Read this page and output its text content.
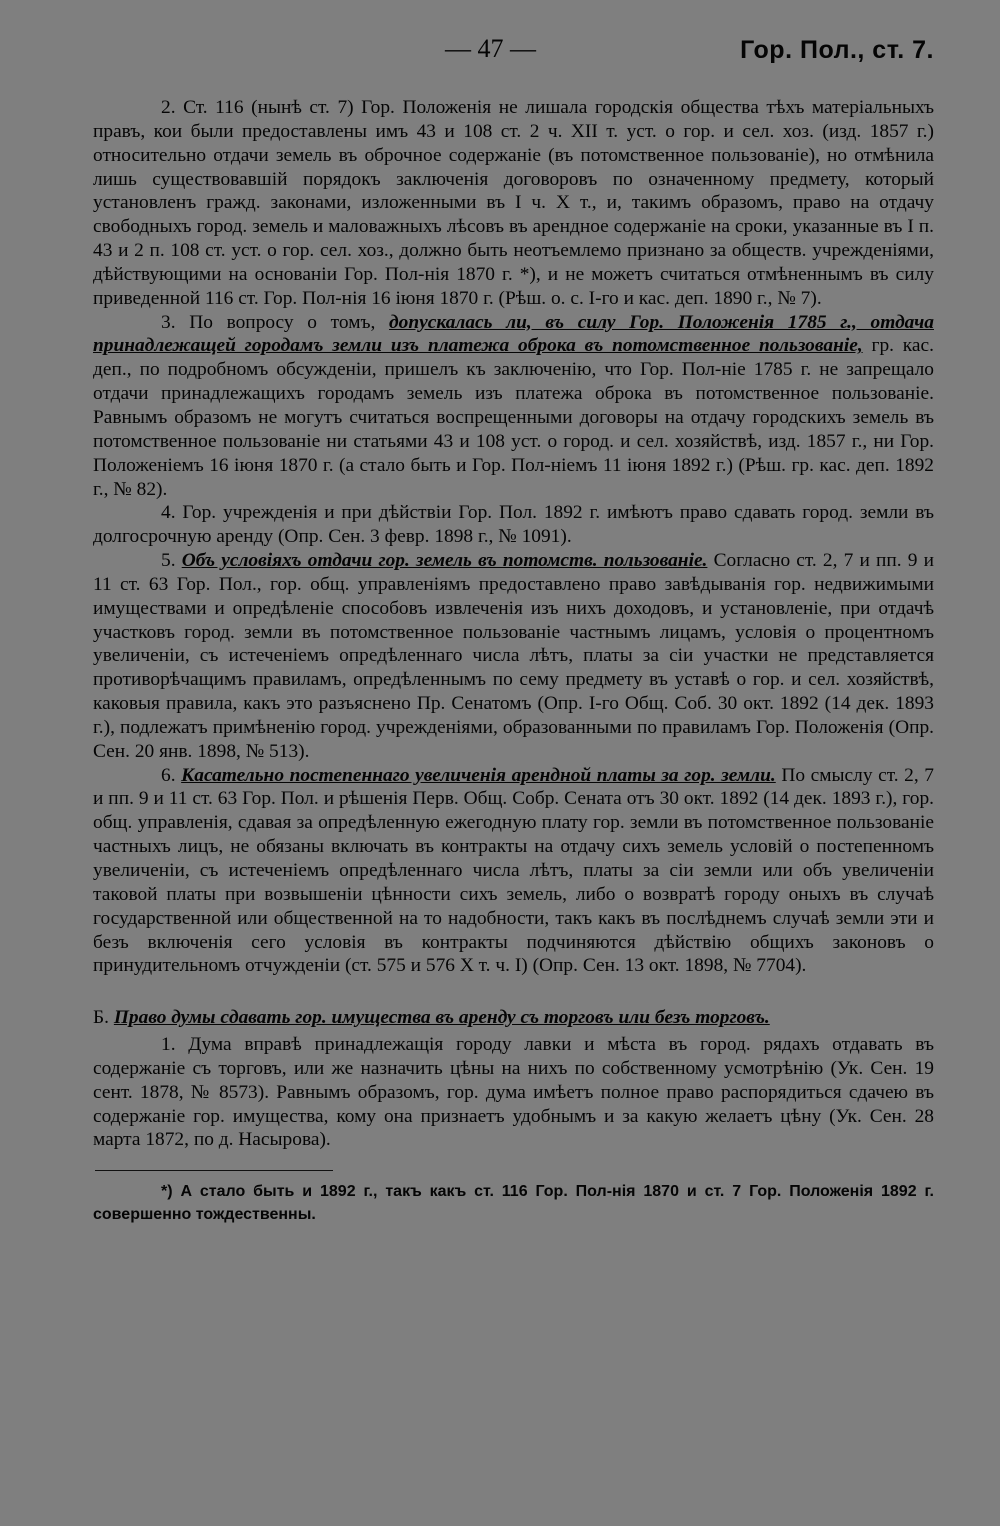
— 47 —	Гор. Пол., ст. 7.

2. Ст. 116 (нынѣ ст. 7) Гор. Положенія не лишала городскія общества тѣхъ матеріальныхъ правъ, кои были предоставлены имъ 43 и 108 ст. 2 ч. XII т. уст. о гор. и сел. хоз. (изд. 1857 г.) относительно отдачи земель въ оброчное содержаніе (въ потомственное пользованіе), но отмѣнила лишь существовавшій порядокъ заключенія договоровъ по означенному предмету, который установленъ гражд. законами, изложенными въ I ч. X т., и, такимъ образомъ, право на отдачу свободныхъ город. земель и маловажныхъ лѣсовъ въ арендное содержаніе на сроки, указанные въ I п. 43 и 2 п. 108 ст. уст. о гор. сел. хоз., должно быть неотъемлемо признано за обществ. учрежденіями, дѣйствующими на основаніи Гор. Пол-нія 1870 г. *), и не можетъ считаться отмѣненнымъ въ силу приведенной 116 ст. Гор. Пол-нія 16 іюня 1870 г. (Рѣш. о. с. I-го и кас. деп. 1890 г., № 7).

3. По вопросу о томъ, допускалась ли, въ силу Гор. Положенія 1785 г., отдача принадлежащей городамъ земли изъ платежа оброка въ потомственное пользованіе, гр. кас. деп., по подробномъ обсужденіи, пришелъ къ заключенію, что Гор. Пол-ніе 1785 г. не запрещало отдачи принадлежащихъ городамъ земель изъ платежа оброка въ потомственное пользованіе. Равнымъ образомъ не могутъ считаться воспрещенными договоры на отдачу городскихъ земель въ потомственное пользованіе ни статьями 43 и 108 уст. о город. и сел. хозяйствѣ, изд. 1857 г., ни Гор. Положеніемъ 16 іюня 1870 г. (а стало быть и Гор. Пол-ніемъ 11 іюня 1892 г.) (Рѣш. гр. кас. деп. 1892 г., № 82).

4. Гор. учрежденія и при дѣйствіи Гор. Пол. 1892 г. имѣютъ право сдавать город. земли въ долгосрочную аренду (Опр. Сен. 3 февр. 1898 г., № 1091).

5. Объ условіяхъ отдачи гор. земель въ потомств. пользованіе. Согласно ст. 2, 7 и пп. 9 и 11 ст. 63 Гор. Пол., гор. общ. управленіямъ предоставлено право завѣдыванія гор. недвижимыми имуществами и опредѣленіе способовъ извлеченія изъ нихъ доходовъ, и установленіе, при отдачѣ участковъ город. земли въ потомственное пользованіе частнымъ лицамъ, условія о процентномъ увеличеніи, съ истеченіемъ опредѣленнаго числа лѣтъ, платы за сіи участки не представляется противорѣчащимъ правиламъ, опредѣленнымъ по сему предмету въ уставѣ о гор. и сел. хозяйствѣ, каковыя правила, какъ это разъяснено Пр. Сенатомъ (Опр. I-го Общ. Соб. 30 окт. 1892 (14 дек. 1893 г.), подлежатъ примѣненію город. учрежденіями, образованными по правиламъ Гор. Положенія (Опр. Сен. 20 янв. 1898, № 513).

6. Касательно постепеннаго увеличенія арендной платы за гор. земли. По смыслу ст. 2, 7 и пп. 9 и 11 ст. 63 Гор. Пол. и рѣшенія Перв. Общ. Собр. Сената отъ 30 окт. 1892 (14 дек. 1893 г.), гор. общ. управленія, сдавая за опредѣленную ежегодную плату гор. земли въ потомственное пользованіе частныхъ лицъ, не обязаны включать въ контракты на отдачу сихъ земель условій о постепенномъ увеличеніи, съ истеченіемъ опредѣленнаго числа лѣтъ, платы за сіи земли или объ увеличеніи таковой платы при возвышеніи цѣнности сихъ земель, либо о возвратѣ городу оныхъ въ случаѣ государственной или общественной на то надобности, такъ какъ въ послѣднемъ случаѣ земли эти и безъ включенія сего условія въ контракты подчиняются дѣйствію общихъ законовъ о принудительномъ отчужденіи (ст. 575 и 576 X т. ч. I) (Опр. Сен. 13 окт. 1898, № 7704).

Б. Право думы сдавать гор. имущества въ аренду съ торговъ или безъ торговъ.

1. Дума вправѣ принадлежащія городу лавки и мѣста въ город. рядахъ отдавать въ содержаніе съ торговъ, или же назначить цѣны на нихъ по собственному усмотрѣнію (Ук. Сен. 19 сент. 1878, № 8573). Равнымъ образомъ, гор. дума имѣетъ полное право распорядиться сдачею въ содержаніе гор. имущества, кому она признаетъ удобнымъ и за какую желаетъ цѣну (Ук. Сен. 28 марта 1872, по д. Насырова).

*) А стало быть и 1892 г., такъ какъ ст. 116 Гор. Пол-нія 1870 и ст. 7 Гор. Положенія 1892 г. совершенно тождественны.
